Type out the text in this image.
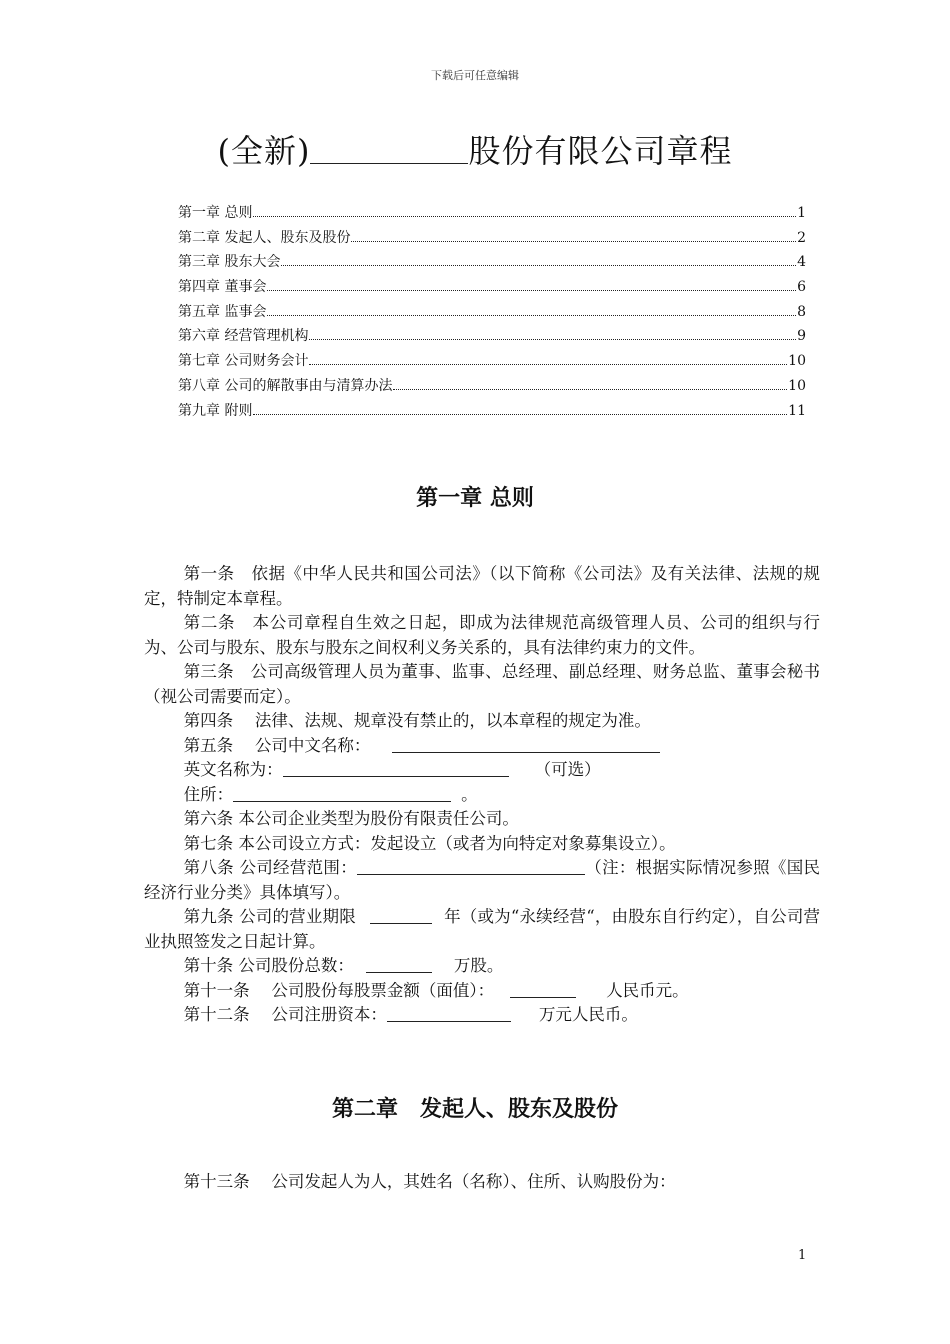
下载后可任意编辑
(全新)	股份有限公司章程
第一章 总则	1
第二章 发起人、股东及股份	2
第三章 股东大会	4
第四章 董事会	6
第五章 监事会	8
第六章 经营管理机构	9
第七章 公司财务会计	10
第八章 公司的解散事由与清算办法	10
第九章 附则	11
第一章 总则

第一条　依据《中华人民共和国公司法》（以下简称《公司法》及有关法律、法规的规定，特制定本章程。

第二条　本公司章程自生效之日起，即成为法律规范高级管理人员、公司的组织与行为、公司与股东、股东与股东之间权利义务关系的，具有法律约束力的文件。

第三条　公司高级管理人员为董事、监事、总经理、副总经理、财务总监、董事会秘书（视公司需要而定）。

第四条　 法律、法规、规章没有禁止的，以本章程的规定为准。

第五条　 公司中文名称：

英文名称为：	（可选）

住所：	。

第六条 本公司企业类型为股份有限责任公司。

第七条 本公司设立方式：发起设立（或者为向特定对象募集设立）。

第八条 公司经营范围：	（注：根据实际情况参照《国民经济行业分类》具体填写）。

第九条 公司的营业期限	年（或为“永续经营“，由股东自行约定），自公司营业执照签发之日起计算。

第十条 公司股份总数：	万股。

第十一条　 公司股份每股票金额（面值）：	人民币元。

第十二条　 公司注册资本：	万元人民币。

第二章　发起人、股东及股份

第十三条　 公司发起人为人，其姓名（名称）、住所、认购股份为：

1
